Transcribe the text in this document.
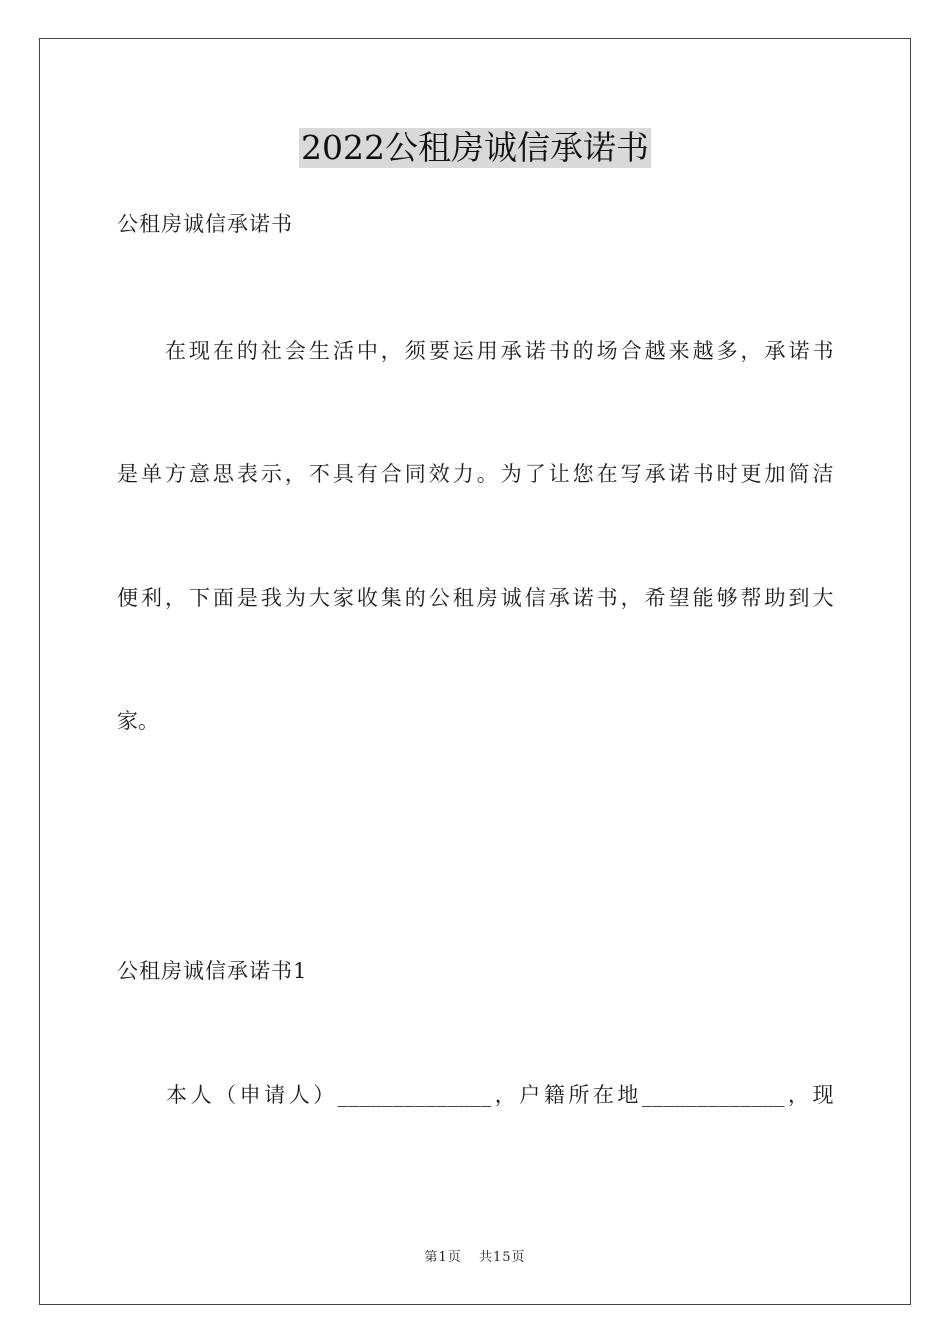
2022公租房诚信承诺书
公租房诚信承诺书
　　在现在的社会生活中，须要运用承诺书的场合越来越多，承诺书
是单方意思表示，不具有合同效力。为了让您在写承诺书时更加简洁
便利，下面是我为大家收集的公租房诚信承诺书，希望能够帮助到大
家。
公租房诚信承诺书1
　　本人（申请人）______________，户籍所在地_____________，现
第1页 共15页
